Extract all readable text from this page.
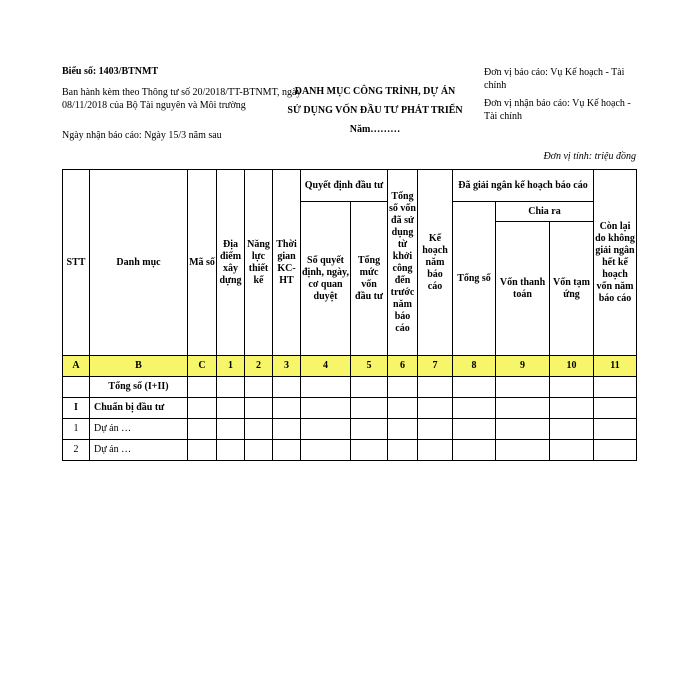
Biểu số: 1403/BTNMT
Ban hành kèm theo Thông tư số 20/2018/TT-BTNMT, ngày 08/11/2018 của Bộ Tài nguyên và Môi trường
Ngày nhận báo cáo: Ngày 15/3 năm sau
DANH MỤC CÔNG TRÌNH, DỰ ÁN
SỬ DỤNG VỐN ĐẦU TƯ PHÁT TRIỂN
Năm………
Đơn vị báo cáo: Vụ Kế hoạch - Tài chính
Đơn vị nhận báo cáo: Vụ Kế hoạch - Tài chính
Đơn vị tính: triệu đồng
STT	Danh mục	Mã số	Địa điểm xây dựng	Năng lực thiết kế	Thời gian KC-HT	Quyết định đầu tư		Tổng số vốn đã sử dụng từ khởi công đến trước năm báo cáo	Kế hoạch năm báo cáo	Đã giải ngân kế hoạch báo cáo			Còn lại do không giải ngân hết kế hoạch vốn năm báo cáo
						Số quyết định, ngày, cơ quan duyệt	Tổng mức vốn đầu tư			Tổng số	Chia ra		
											Vốn thanh toán	Vốn tạm ứng	
A	B	C	1	2	3	4	5	6	7	8	9	10	11
	Tổng số (I+II)												
I	Chuẩn bị đầu tư												
1	Dự án …												
2	Dự án …												
